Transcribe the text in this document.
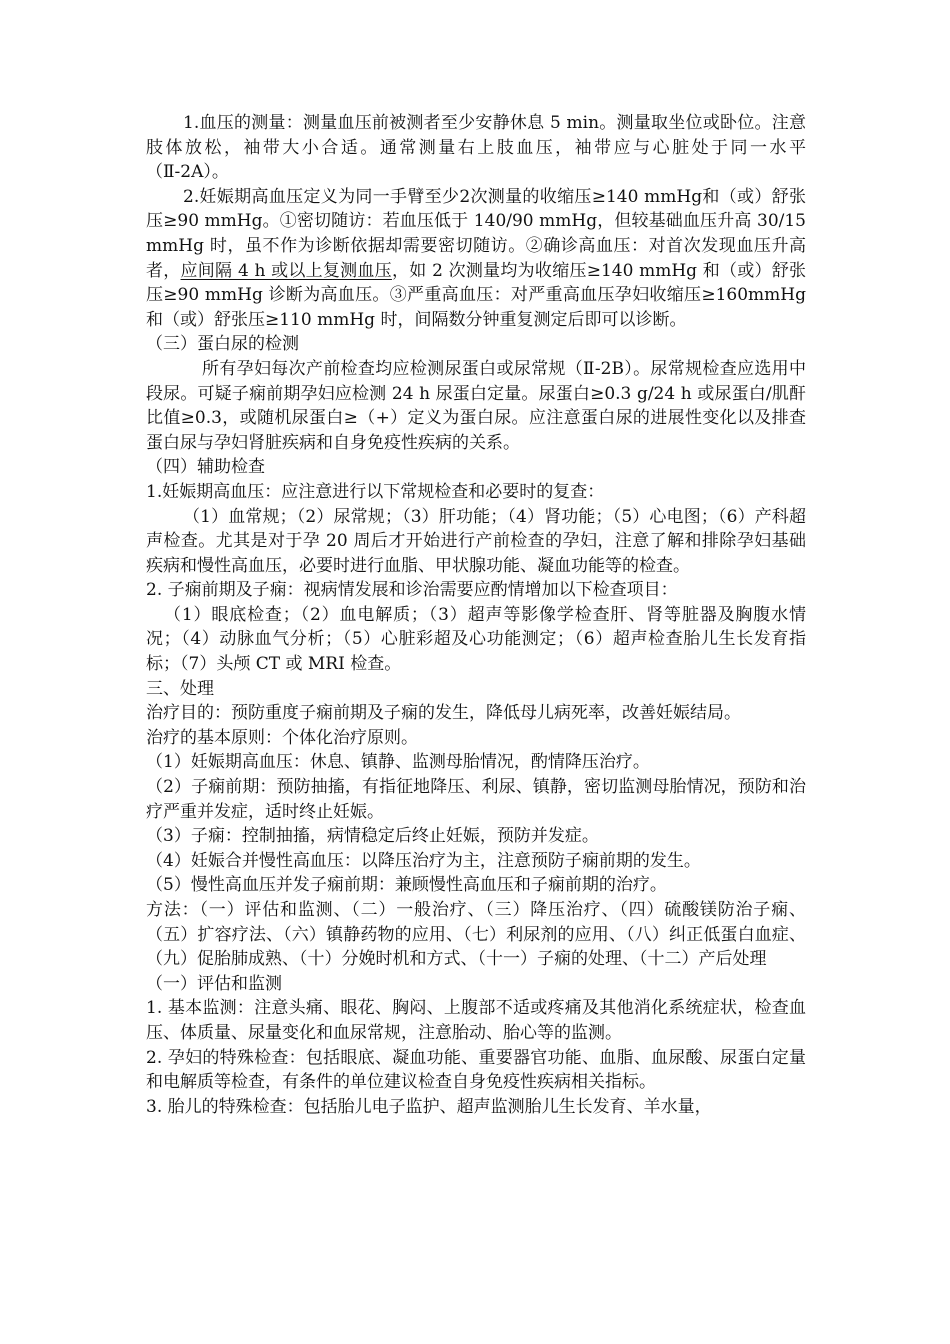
1.血压的测量：测量血压前被测者至少安静休息 5 min。测量取坐位或卧位。注意肢体放松，袖带大小合适。通常测量右上肢血压，袖带应与心脏处于同一水平（Ⅱ-2A）。

2.妊娠期高血压定义为同一手臂至少2次测量的收缩压≥140 mmHg和（或）舒张压≥90 mmHg。①密切随访：若血压低于 140/90 mmHg，但较基础血压升高 30/15 mmHg 时，虽不作为诊断依据却需要密切随访。②确诊高血压：对首次发现血压升高者，应间隔 4 h 或以上复测血压，如 2 次测量均为收缩压≥140 mmHg 和（或）舒张压≥90 mmHg 诊断为高血压。③严重高血压：对严重高血压孕妇收缩压≥160mmHg 和（或）舒张压≥110 mmHg 时，间隔数分钟重复测定后即可以诊断。

（三）蛋白尿的检测

所有孕妇每次产前检查均应检测尿蛋白或尿常规（Ⅱ-2B）。尿常规检查应选用中段尿。可疑子痫前期孕妇应检测 24 h 尿蛋白定量。尿蛋白≥0.3 g/24 h 或尿蛋白/肌酐比值≥0.3，或随机尿蛋白≥（+）定义为蛋白尿。应注意蛋白尿的进展性变化以及排查蛋白尿与孕妇肾脏疾病和自身免疫性疾病的关系。

（四）辅助检查

1.妊娠期高血压：应注意进行以下常规检查和必要时的复查：

（1）血常规；（2）尿常规；（3）肝功能；（4）肾功能；（5）心电图；（6）产科超声检查。尤其是对于孕 20 周后才开始进行产前检查的孕妇，注意了解和排除孕妇基础疾病和慢性高血压，必要时进行血脂、甲状腺功能、凝血功能等的检查。

2. 子痫前期及子痫：视病情发展和诊治需要应酌情增加以下检查项目：

（1）眼底检查；（2）血电解质；（3）超声等影像学检查肝、肾等脏器及胸腹水情况；（4）动脉血气分析；（5）心脏彩超及心功能测定；（6）超声检查胎儿生长发育指标；（7）头颅 CT 或 MRI 检查。

三、处理

治疗目的：预防重度子痫前期及子痫的发生，降低母儿病死率，改善妊娠结局。

治疗的基本原则：个体化治疗原则。

（1）妊娠期高血压：休息、镇静、监测母胎情况，酌情降压治疗。

（2）子痫前期：预防抽搐，有指征地降压、利尿、镇静，密切监测母胎情况，预防和治疗严重并发症，适时终止妊娠。

（3）子痫：控制抽搐，病情稳定后终止妊娠，预防并发症。

（4）妊娠合并慢性高血压：以降压治疗为主，注意预防子痫前期的发生。

（5）慢性高血压并发子痫前期：兼顾慢性高血压和子痫前期的治疗。

方法：（一）评估和监测、（二）一般治疗、（三）降压治疗、（四）硫酸镁防治子痫、（五）扩容疗法、（六）镇静药物的应用、（七）利尿剂的应用、（八）纠正低蛋白血症、（九）促胎肺成熟、（十）分娩时机和方式、（十一）子痫的处理、（十二）产后处理

（一）评估和监测

1. 基本监测：注意头痛、眼花、胸闷、上腹部不适或疼痛及其他消化系统症状，检查血压、体质量、尿量变化和血尿常规，注意胎动、胎心等的监测。

2. 孕妇的特殊检查：包括眼底、凝血功能、重要器官功能、血脂、血尿酸、尿蛋白定量和电解质等检查，有条件的单位建议检查自身免疫性疾病相关指标。

3. 胎儿的特殊检查：包括胎儿电子监护、超声监测胎儿生长发育、羊水量，
